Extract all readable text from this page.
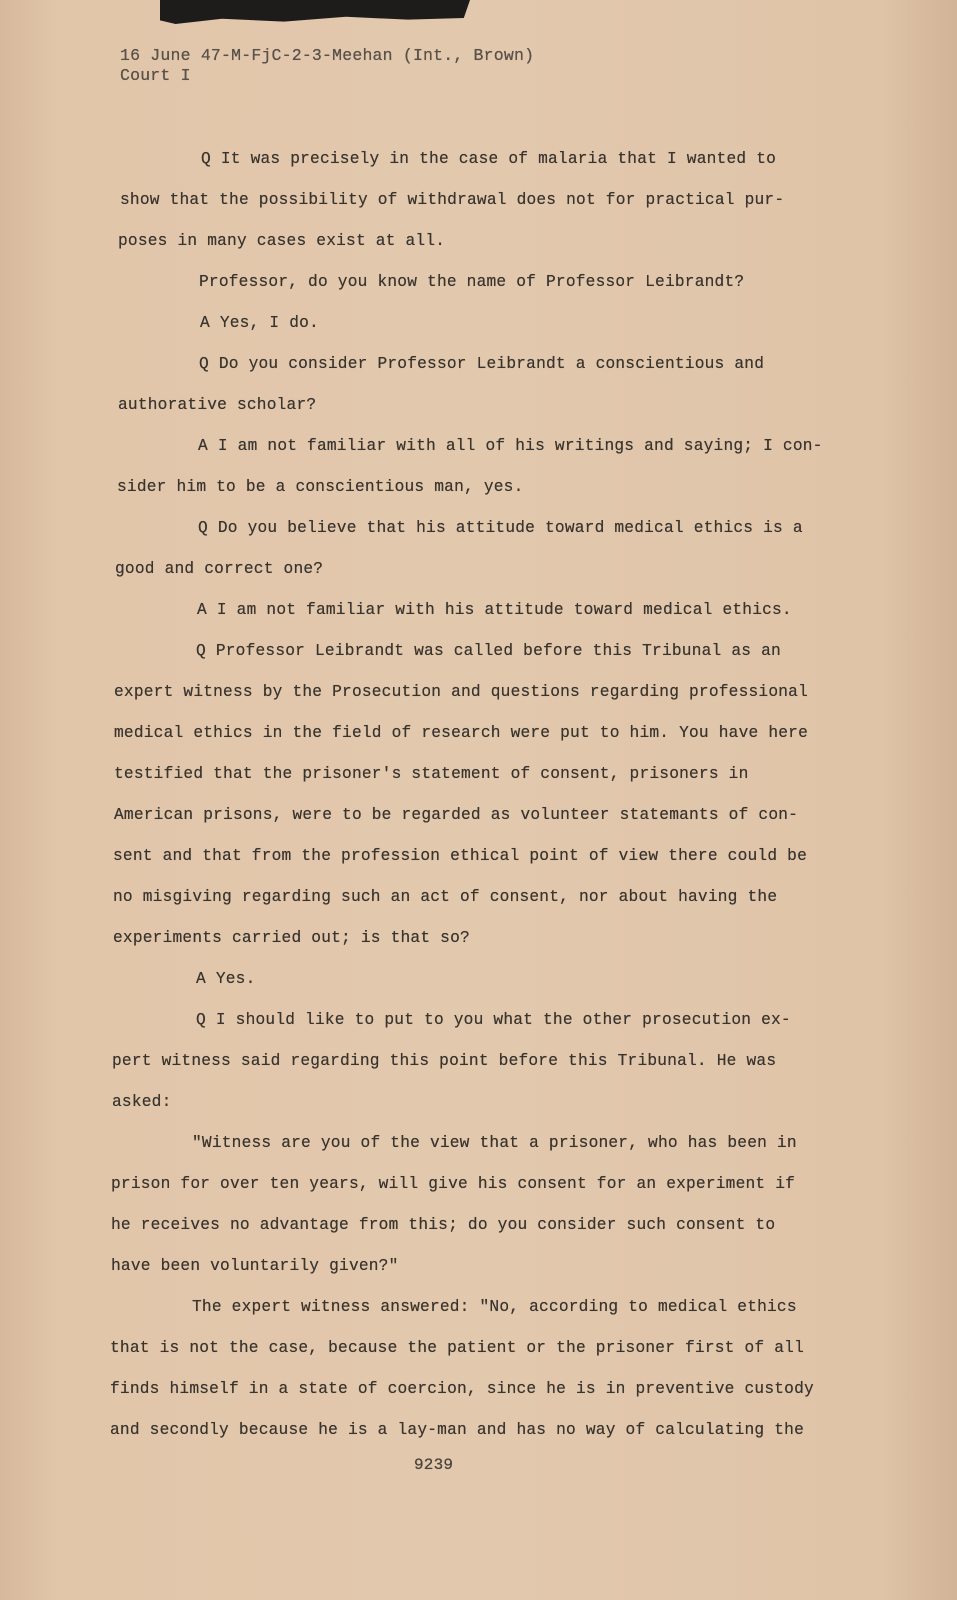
16 June 47-M-FjC-2-3-Meehan (Int., Brown)
Court I
Q It was precisely in the case of malaria that I wanted to
show that the possibility of withdrawal does not for practical pur-
poses in many cases exist at all.
Professor, do you know the name of Professor Leibrandt?
A Yes, I do.
Q Do you consider Professor Leibrandt a conscientious and
authorative scholar?
A I am not familiar with all of his writings and saying; I con-
sider him to be a conscientious man, yes.
Q Do you believe that his attitude toward medical ethics is a
good and correct one?
A I am not familiar with his attitude toward medical ethics.
Q Professor Leibrandt was called before this Tribunal as an
expert witness by the Prosecution and questions regarding professional
medical ethics in the field of research were put to him. You have here
testified that the prisoner's statement of consent, prisoners in
American prisons, were to be regarded as volunteer statemants of con-
sent and that from the profession ethical point of view there could be
no misgiving regarding such an act of consent, nor about having the
experiments carried out; is that so?
A Yes.
Q I should like to put to you what the other prosecution ex-
pert witness said regarding this point before this Tribunal. He was
asked:
"Witness are you of the view that a prisoner, who has been in
prison for over ten years, will give his consent for an experiment if
he receives no advantage from this; do you consider such consent to
have been voluntarily given?"
The expert witness answered: "No, according to medical ethics
that is not the case, because the patient or the prisoner first of all
finds himself in a state of coercion, since he is in preventive custody
and secondly because he is a lay-man and has no way of calculating the
9239
